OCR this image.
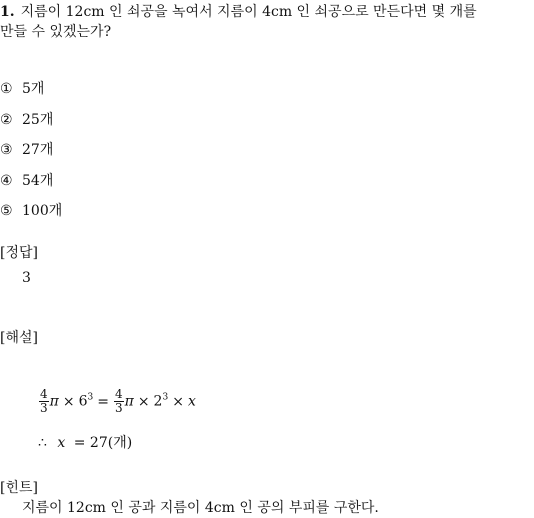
1. 지름이 12cm 인 쇠공을 녹여서 지름이 4cm 인 쇠공으로 만든다면 몇 개를
만들 수 있겠는가?
① 5개
② 25개
③ 27개
④ 54개
⑤ 100개
[정답]
3
[해설]
$\frac{4}{3}$ $\pi \times 6^3 = \frac{4}{3}$ $\pi \times 2^3 \times x$
∴ x = 27(개)
[힌트]
지름이 12cm 인 공과 지름이 4cm 인 공의 부피를 구한다.
